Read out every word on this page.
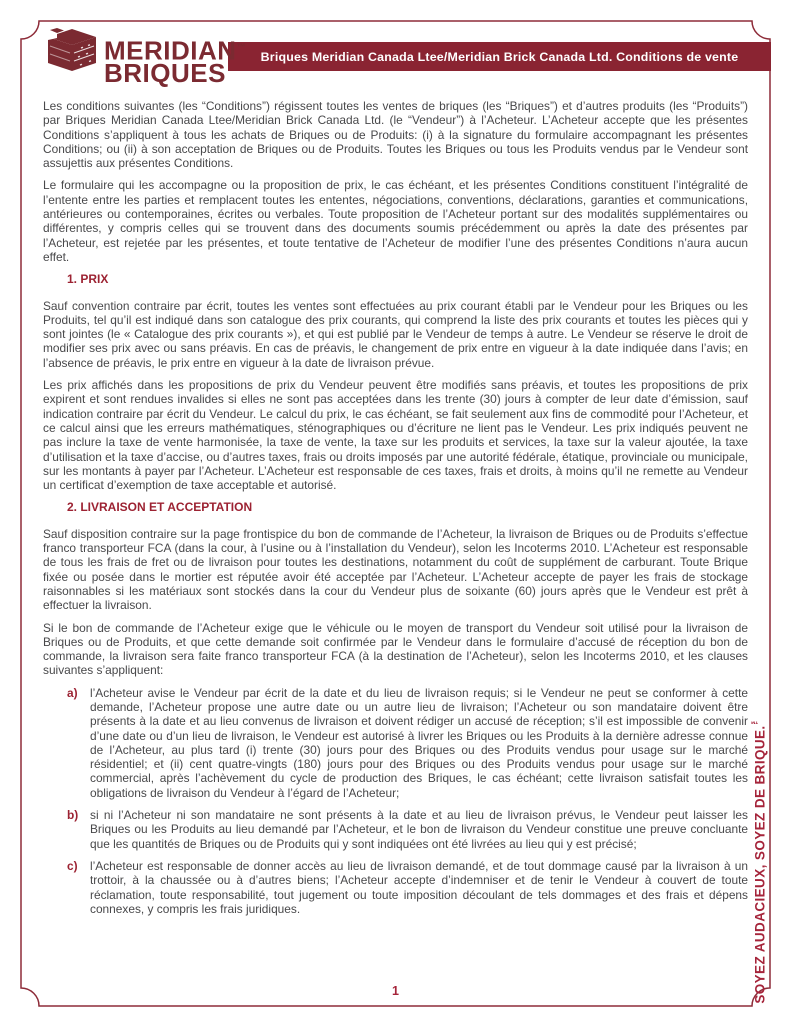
MERIDIAN™
BRIQUES
Briques Meridian Canada Ltee/Meridian Brick Canada Ltd. Conditions de vente

Les conditions suivantes (les “Conditions”) régissent toutes les ventes de briques (les “Briques”) et d’autres produits (les “Produits”) par Briques Meridian Canada Ltee/Meridian Brick Canada Ltd. (le “Vendeur”) à l’Acheteur. L’Acheteur accepte que les présentes Conditions s’appliquent à tous les achats de Briques ou de Produits: (i) à la signature du formulaire accompagnant les présentes Conditions; ou (ii) à son acceptation de Briques ou de Produits. Toutes les Briques ou tous les Produits vendus par le Vendeur sont assujettis aux présentes Conditions.

Le formulaire qui les accompagne ou la proposition de prix, le cas échéant, et les présentes Conditions constituent l’intégralité de l’entente entre les parties et remplacent toutes les ententes, négociations, conventions, déclarations, garanties et communications, antérieures ou contemporaines, écrites ou verbales. Toute proposition de l’Acheteur portant sur des modalités supplémentaires ou différentes, y compris celles qui se trouvent dans des documents soumis précédemment ou après la date des présentes par l’Acheteur, est rejetée par les présentes, et toute tentative de l’Acheteur de modifier l’une des présentes Conditions n’aura aucun effet.

1. PRIX

Sauf convention contraire par écrit, toutes les ventes sont effectuées au prix courant établi par le Vendeur pour les Briques ou les Produits, tel qu’il est indiqué dans son catalogue des prix courants, qui comprend la liste des prix courants et toutes les pièces qui y sont jointes (le « Catalogue des prix courants »), et qui est publié par le Vendeur de temps à autre. Le Vendeur se réserve le droit de modifier ses prix avec ou sans préavis. En cas de préavis, le changement de prix entre en vigueur à la date indiquée dans l’avis; en l’absence de préavis, le prix entre en vigueur à la date de livraison prévue.

Les prix affichés dans les propositions de prix du Vendeur peuvent être modifiés sans préavis, et toutes les propositions de prix expirent et sont rendues invalides si elles ne sont pas acceptées dans les trente (30) jours à compter de leur date d’émission, sauf indication contraire par écrit du Vendeur. Le calcul du prix, le cas échéant, se fait seulement aux fins de commodité pour l’Acheteur, et ce calcul ainsi que les erreurs mathématiques, sténographiques ou d’écriture ne lient pas le Vendeur. Les prix indiqués peuvent ne pas inclure la taxe de vente harmonisée, la taxe de vente, la taxe sur les produits et services, la taxe sur la valeur ajoutée, la taxe d’utilisation et la taxe d’accise, ou d’autres taxes, frais ou droits imposés par une autorité fédérale, étatique, provinciale ou municipale, sur les montants à payer par l’Acheteur. L’Acheteur est responsable de ces taxes, frais et droits, à moins qu’il ne remette au Vendeur un certificat d’exemption de taxe acceptable et autorisé.

2. LIVRAISON ET ACCEPTATION

Sauf disposition contraire sur la page frontispice du bon de commande de l’Acheteur, la livraison de Briques ou de Produits s’effectue franco transporteur FCA (dans la cour, à l’usine ou à l’installation du Vendeur), selon les Incoterms 2010. L’Acheteur est responsable de tous les frais de fret ou de livraison pour toutes les destinations, notamment du coût de supplément de carburant. Toute Brique fixée ou posée dans le mortier est réputée avoir été acceptée par l’Acheteur. L’Acheteur accepte de payer les frais de stockage raisonnables si les matériaux sont stockés dans la cour du Vendeur plus de soixante (60) jours après que le Vendeur est prêt à effectuer la livraison.

Si le bon de commande de l’Acheteur exige que le véhicule ou le moyen de transport du Vendeur soit utilisé pour la livraison de Briques ou de Produits, et que cette demande soit confirmée par le Vendeur dans le formulaire d’accusé de réception du bon de commande, la livraison sera faite franco transporteur FCA (à la destination de l’Acheteur), selon les Incoterms 2010, et les clauses suivantes s’appliquent:

a)	l’Acheteur avise le Vendeur par écrit de la date et du lieu de livraison requis; si le Vendeur ne peut se conformer à cette demande, l’Acheteur propose une autre date ou un autre lieu de livraison; l’Acheteur ou son mandataire doivent être présents à la date et au lieu convenus de livraison et doivent rédiger un accusé de réception; s’il est impossible de convenir d’une date ou d’un lieu de livraison, le Vendeur est autorisé à livrer les Briques ou les Produits à la dernière adresse connue de l’Acheteur, au plus tard (i) trente (30) jours pour des Briques ou des Produits vendus pour usage sur le marché résidentiel; et (ii) cent quatre-vingts (180) jours pour des Briques ou des Produits vendus pour usage sur le marché commercial, après l’achèvement du cycle de production des Briques, le cas échéant; cette livraison satisfait toutes les obligations de livraison du Vendeur à l’égard de l’Acheteur;
b) si ni l’Acheteur ni son mandataire ne sont présents à la date et au lieu de livraison prévus, le Vendeur peut laisser les Briques ou les Produits au lieu demandé par l’Acheteur, et le bon de livraison du Vendeur constitue une preuve concluante que les quantités de Briques ou de Produits qui y sont indiquées ont été livrées au lieu qui y est précisé;
c)	l’Acheteur est responsable de donner accès au lieu de livraison demandé, et de tout dommage causé par la livraison à un trottoir, à la chaussée ou à d’autres biens; l’Acheteur accepte d’indemniser et de tenir le Vendeur à couvert de toute réclamation, toute responsabilité, tout jugement ou toute imposition découlant de tels dommages et des frais et dépens connexes, y compris les frais juridiques.	SOYEZ AUDACIEUX, SOYEZ DE BRIQUE.™
1
